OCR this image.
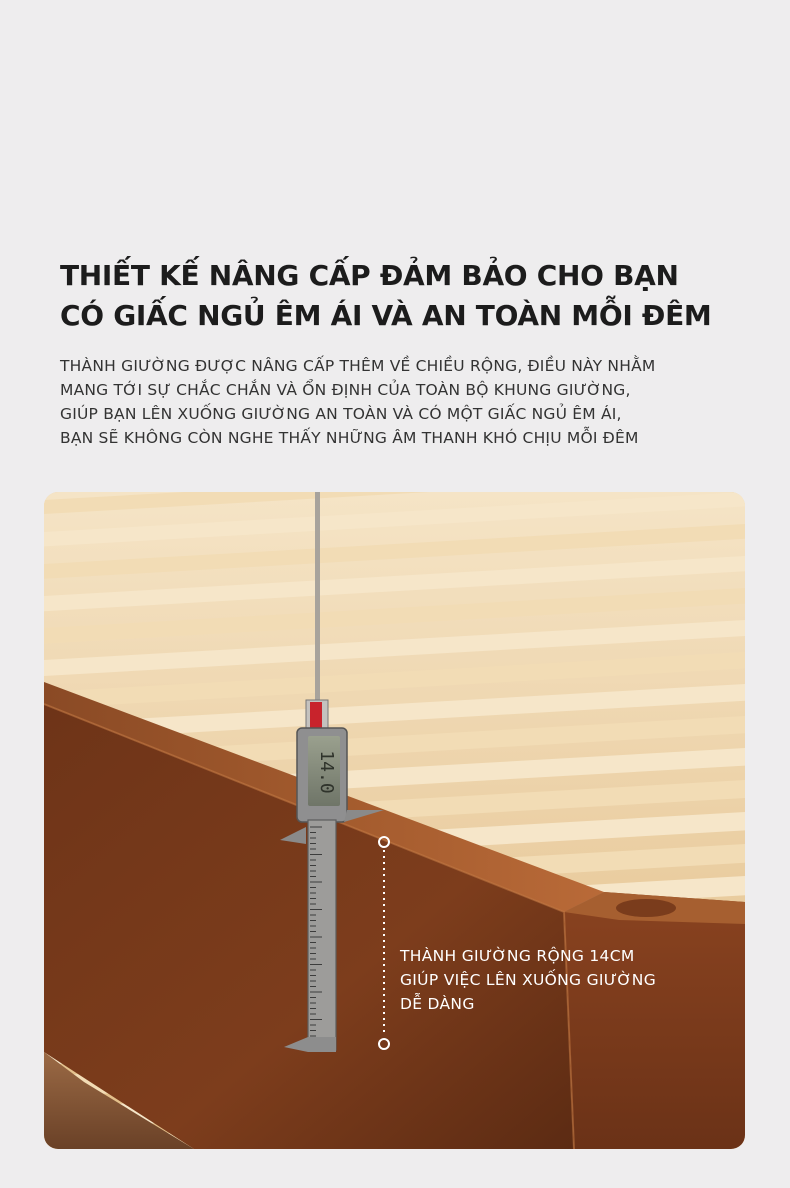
THIẾT KẾ NÂNG CẤP ĐẢM BẢO CHO BẠN
CÓ GIẤC NGỦ ÊM ÁI VÀ AN TOÀN MỖI ĐÊM
THÀNH GIƯỜNG ĐƯỢC NÂNG CẤP THÊM VỀ CHIỀU RỘNG, ĐIỀU NÀY NHẰM
MANG TỚI SỰ CHẮC CHẮN VÀ ỔN ĐỊNH CỦA TOÀN BỘ KHUNG GIƯỜNG,
GIÚP BẠN LÊN XUỐNG GIƯỜNG AN TOÀN VÀ CÓ MỘT GIẤC NGỦ ÊM ÁI,
BẠN SẼ KHÔNG CÒN NGHE THẤY NHỮNG ÂM THANH KHÓ CHỊU MỖI ĐÊM
14.0
THÀNH GIƯỜNG RỘNG 14CM
GIÚP VIỆC LÊN XUỐNG GIƯỜNG
DỄ DÀNG
